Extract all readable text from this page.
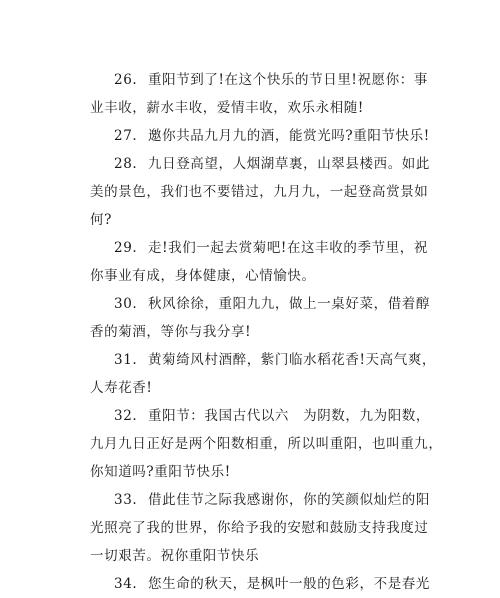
26. 重阳节到了!在这个快乐的节日里!祝愿你：事
业丰收，薪水丰收，爱情丰收，欢乐永相随!
27. 邀你共品九月九的酒，能赏光吗?重阳节快乐!
28. 九日登高望，人烟湖草裏，山翠县楼西。如此
美的景色，我们也不要错过，九月九，一起登高赏景如
何?
29. 走!我们一起去赏菊吧!在这丰收的季节里，祝
你事业有成，身体健康，心情愉快。
30. 秋风徐徐，重阳九九，做上一桌好菜，借着醇
香的菊酒，等你与我分享!
31. 黄菊绮风村酒醉，紫门临水稻花香!天高气爽，
人寿花香!
32. 重阳节：我国古代以六　为阴数，九为阳数，
九月九日正好是两个阳数相重，所以叫重阳，也叫重九，
你知道吗?重阳节快乐!
33. 借此佳节之际我感谢你，你的笑颜似灿烂的阳
光照亮了我的世界，你给予我的安慰和鼓励支持我度过
一切艰苦。祝你重阳节快乐
34. 您生命的秋天，是枫叶一般的色彩，不是春光
